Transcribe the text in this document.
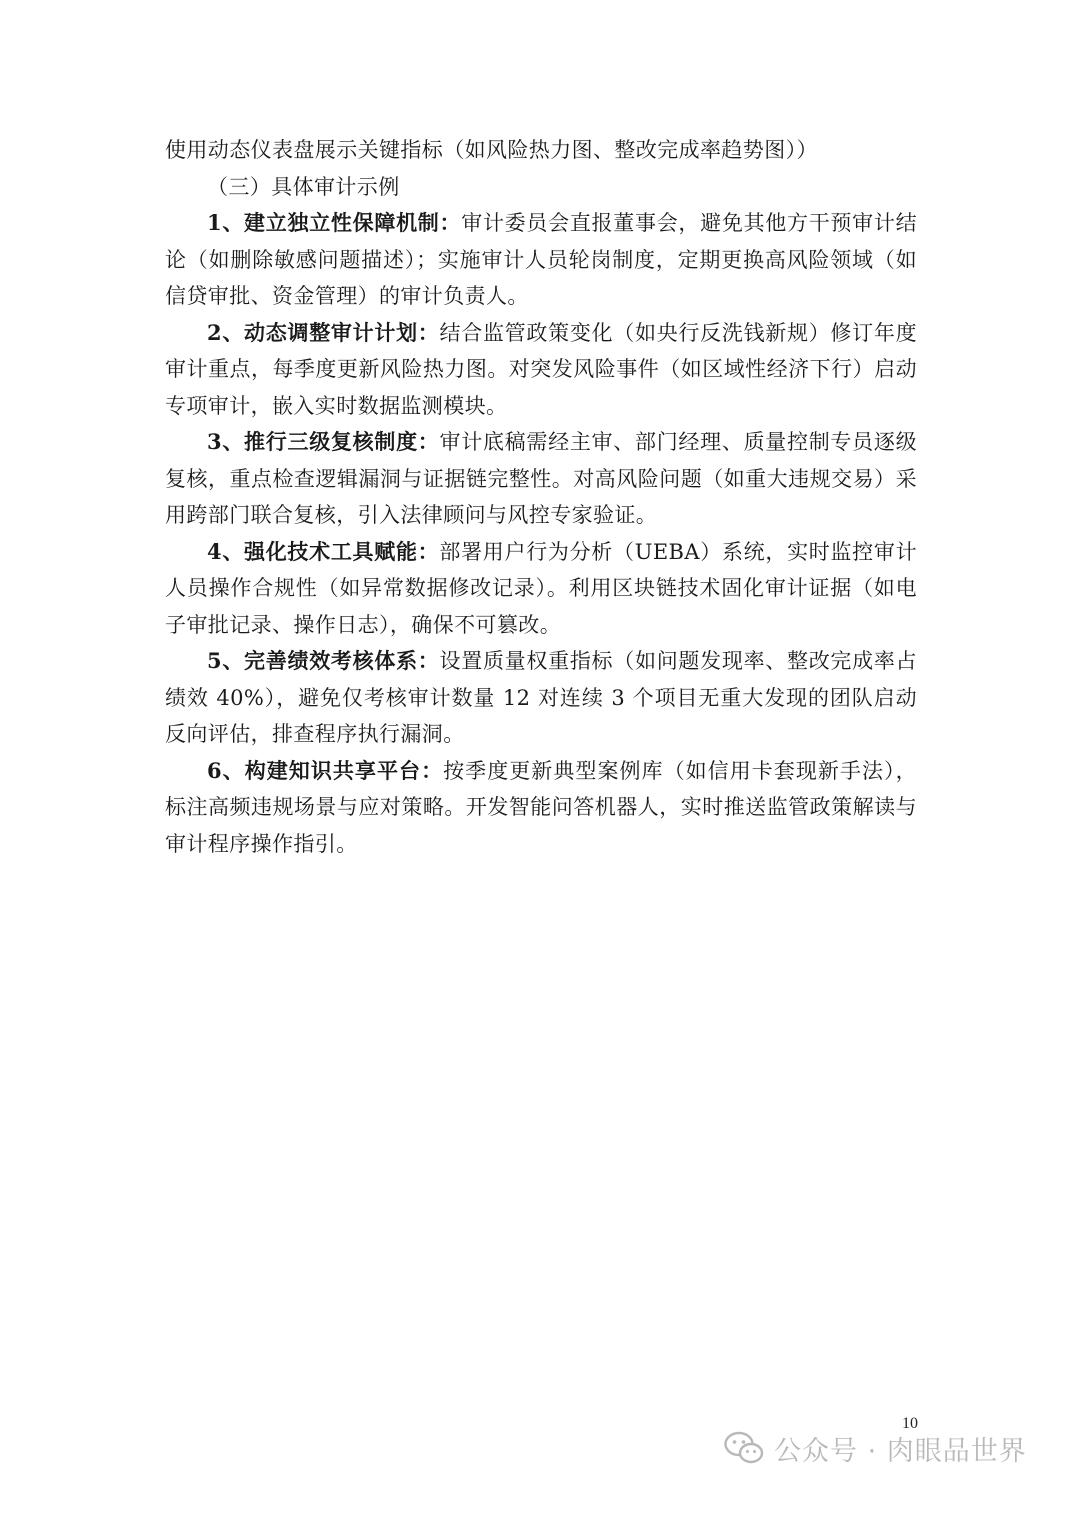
使用动态仪表盘展示关键指标（如风险热力图、整改完成率趋势图））

（三）具体审计示例

1、建立独立性保障机制：审计委员会直报董事会，避免其他方干预审计结论（如删除敏感问题描述）；实施审计人员轮岗制度，定期更换高风险领域（如信贷审批、资金管理）的审计负责人。

2、动态调整审计计划：结合监管政策变化（如央行反洗钱新规）修订年度审计重点，每季度更新风险热力图。对突发风险事件（如区域性经济下行）启动专项审计，嵌入实时数据监测模块。

3、推行三级复核制度：审计底稿需经主审、部门经理、质量控制专员逐级复核，重点检查逻辑漏洞与证据链完整性。对高风险问题（如重大违规交易）采用跨部门联合复核，引入法律顾问与风控专家验证。

4、强化技术工具赋能：部署用户行为分析（UEBA）系统，实时监控审计人员操作合规性（如异常数据修改记录）。利用区块链技术固化审计证据（如电子审批记录、操作日志），确保不可篡改。

5、完善绩效考核体系：设置质量权重指标（如问题发现率、整改完成率占绩效 40%），避免仅考核审计数量 12 对连续 3 个项目无重大发现的团队启动反向评估，排查程序执行漏洞。

6、构建知识共享平台：按季度更新典型案例库（如信用卡套现新手法），标注高频违规场景与应对策略。开发智能问答机器人，实时推送监管政策解读与审计程序操作指引。

10
公众号 · 肉眼品世界
